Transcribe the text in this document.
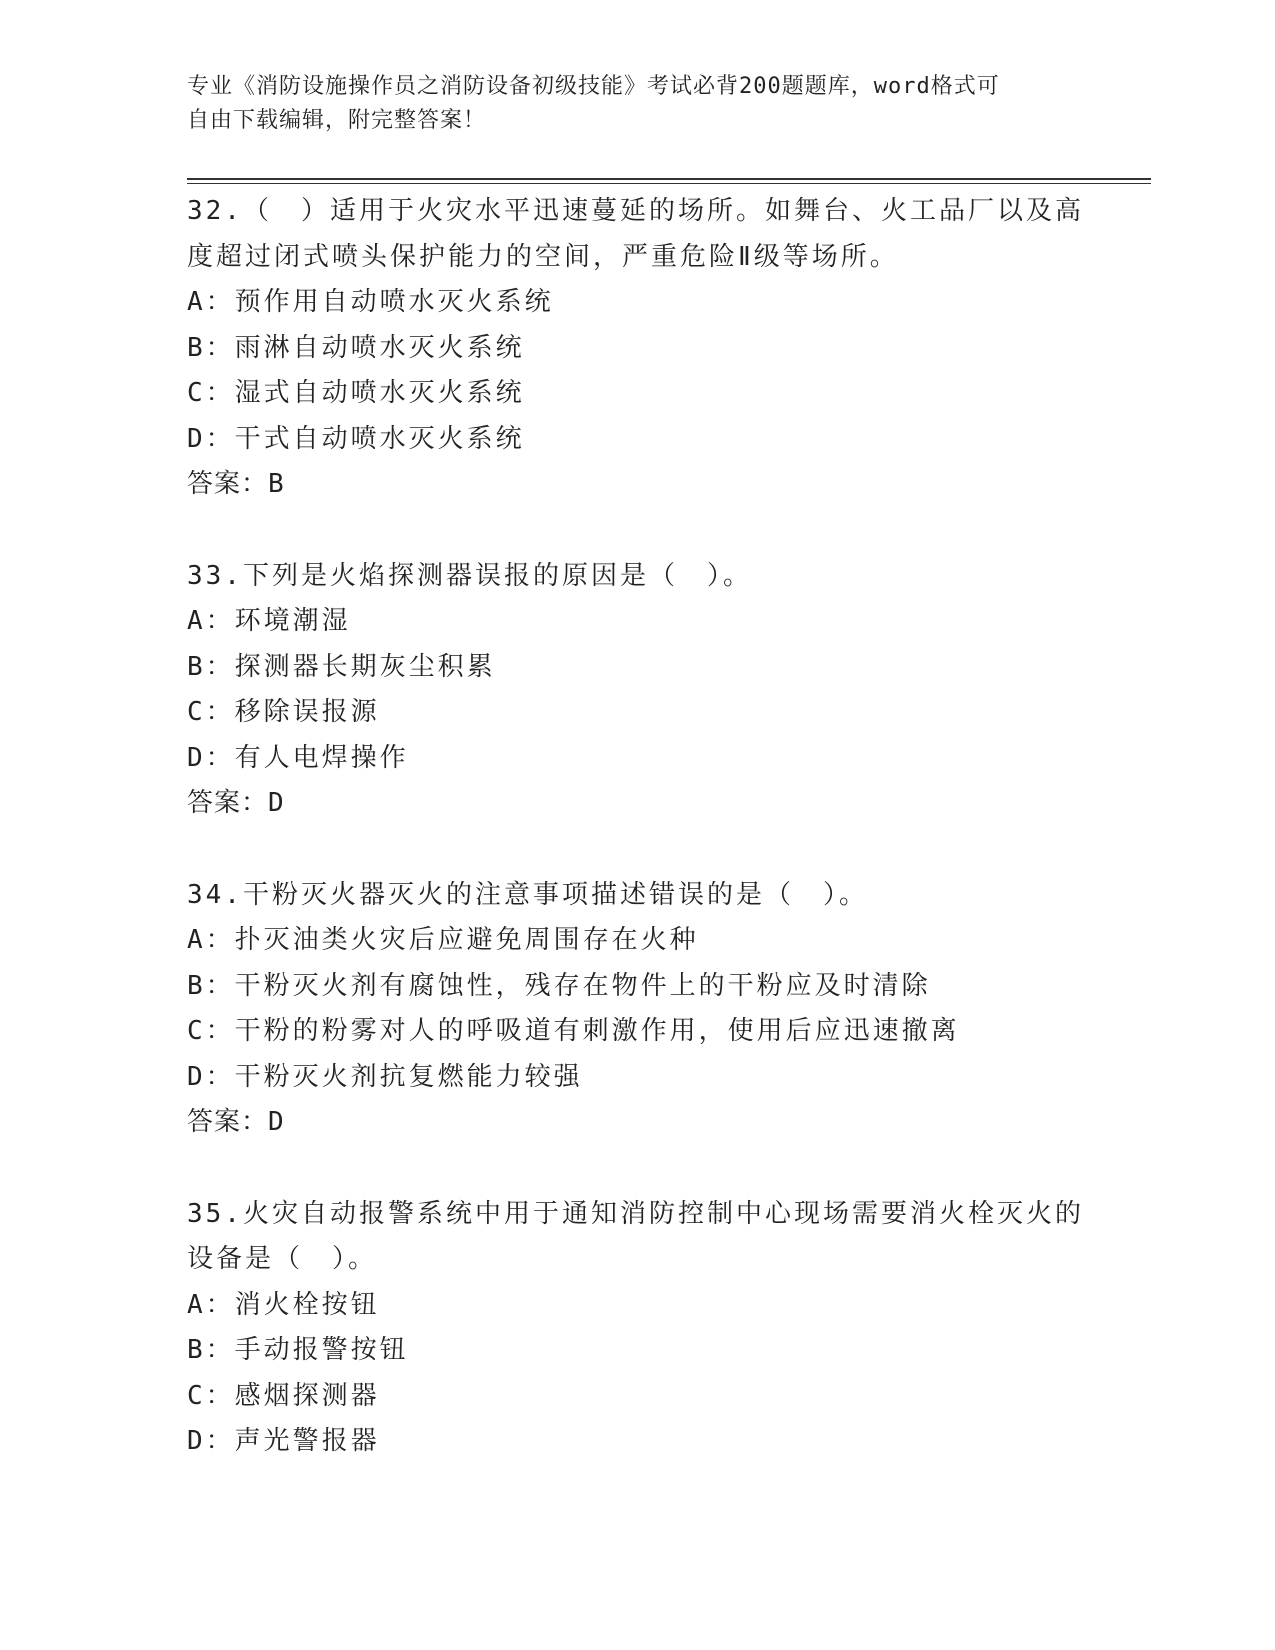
专业《消防设施操作员之消防设备初级技能》考试必背200题题库，word格式可
自由下载编辑，附完整答案！
32.（　）适用于火灾水平迅速蔓延的场所。如舞台、火工品厂以及高
度超过闭式喷头保护能力的空间，严重危险Ⅱ级等场所。
A：预作用自动喷水灭火系统
B：雨淋自动喷水灭火系统
C：湿式自动喷水灭火系统
D：干式自动喷水灭火系统
答案：B
33.下列是火焰探测器误报的原因是（　）。
A：环境潮湿
B：探测器长期灰尘积累
C：移除误报源
D：有人电焊操作
答案：D
34.干粉灭火器灭火的注意事项描述错误的是（　）。
A：扑灭油类火灾后应避免周围存在火种
B：干粉灭火剂有腐蚀性，残存在物件上的干粉应及时清除
C：干粉的粉雾对人的呼吸道有刺激作用，使用后应迅速撤离
D：干粉灭火剂抗复燃能力较强
答案：D
35.火灾自动报警系统中用于通知消防控制中心现场需要消火栓灭火的
设备是（　）。
A：消火栓按钮
B：手动报警按钮
C：感烟探测器
D：声光警报器
